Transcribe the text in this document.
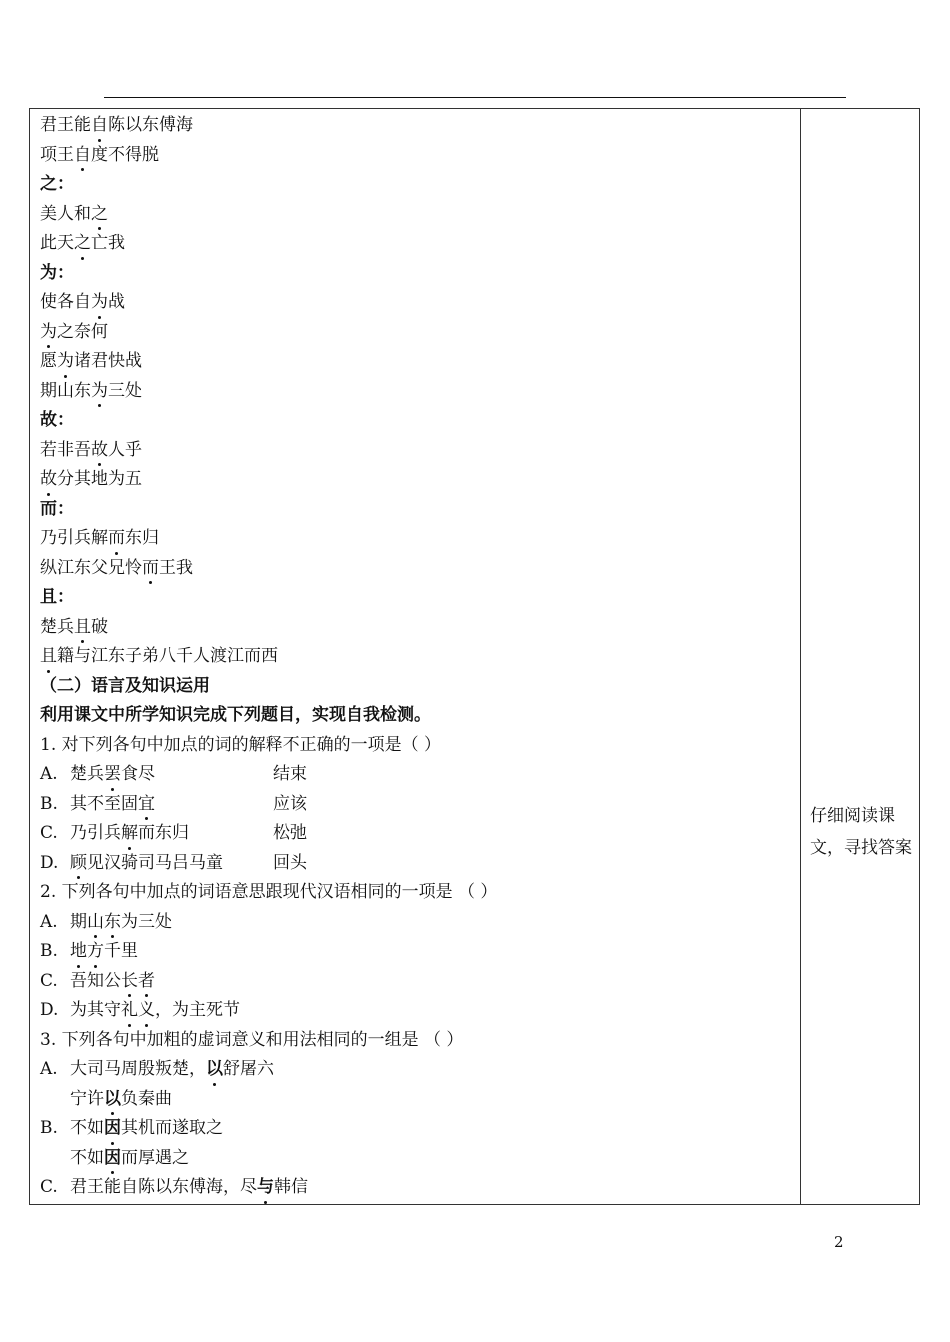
君王能自陈以东傅海
项王自度不得脱
之：
美人和之
此天之亡我
为：
使各自为战
为之奈何
愿为诸君快战
期山东为三处
故：
若非吾故人乎
故分其地为五
而：
乃引兵解而东归
纵江东父兄怜而王我
且：
楚兵且破
且籍与江东子弟八千人渡江而西
（二）语言及知识运用
利用课文中所学知识完成下列题目，实现自我检测。
1. 对下列各句中加点的词的解释不正确的一项是（ ）
A. 楚兵罢食尽	结束
B. 其不至固宜	应该
C. 乃引兵解而东归	松弛
D. 顾见汉骑司马吕马童	回头
2. 下列各句中加点的词语意思跟现代汉语相同的一项是 （ ）
A. 期山东为三处
B. 地方千里
C. 吾知公长者
D. 为其守礼义，为主死节
3. 下列各句中加粗的虚词意义和用法相同的一组是 （ ）
A. 大司马周殷叛楚，以舒屠六
宁许以负秦曲
B. 不如因其机而遂取之
不如因而厚遇之
C. 君王能自陈以东傅海，尽与韩信
仔细阅读课文，寻找答案
2
